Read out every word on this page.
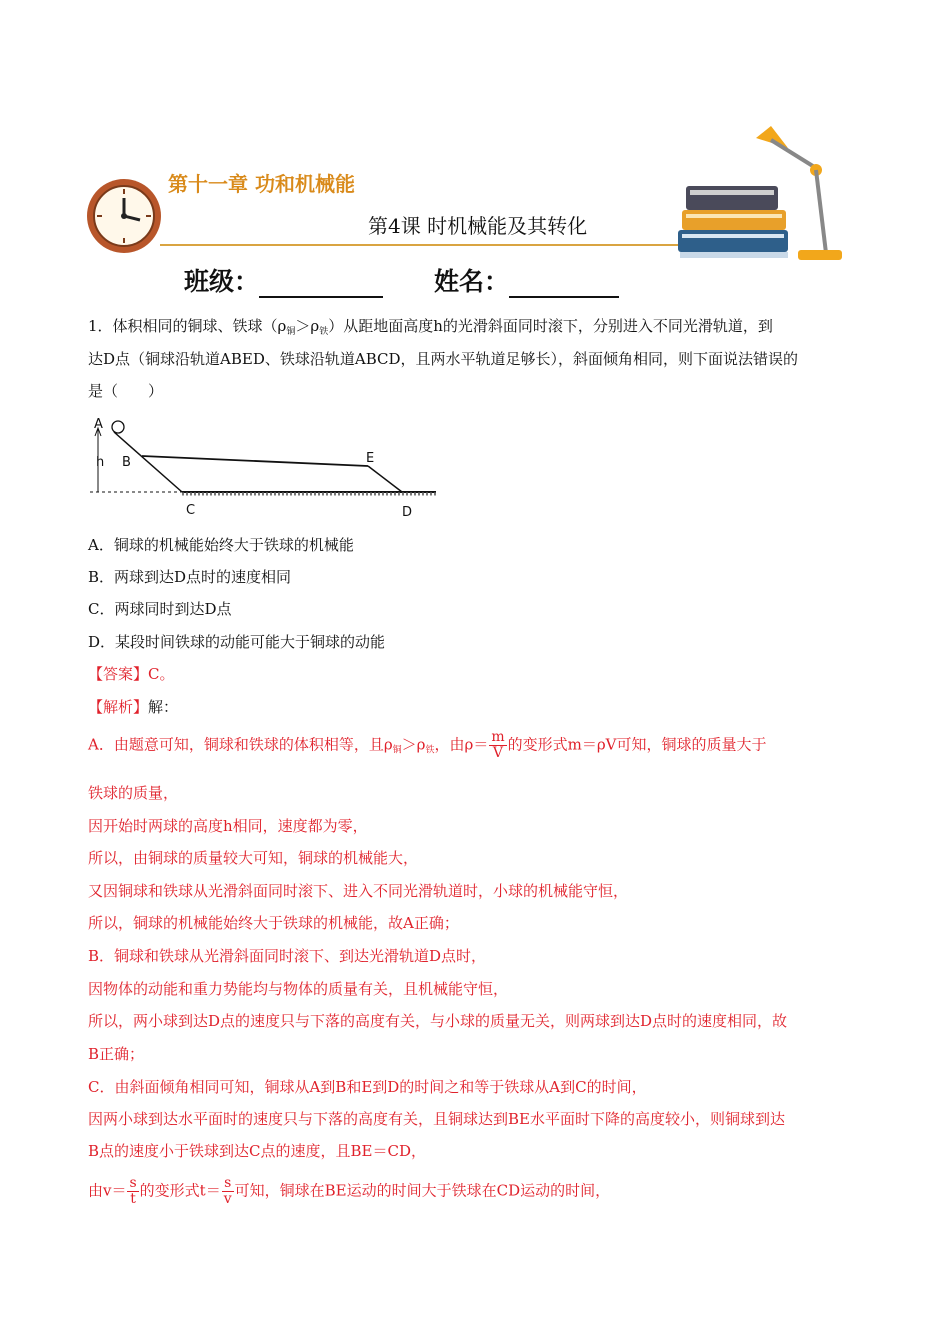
第十一章 功和机械能
第4课 时机械能及其转化
班级：	姓名：
1．体积相同的铜球、铁球$(\rho_铜>\rho_铁)$从距地面高度h的光滑斜面同时滚下，分别进入不同光滑轨道，到
达D点（铜球沿轨道ABED、铁球沿轨道ABCD，且两水平轨道足够长），斜面倾角相同，则下面说法错误的
是（　　）
A
B
C
E
D
h
A．铜球的机械能始终大于铁球的机械能
B．两球到达D点时的速度相同
C．两球同时到达D点
D．某段时间铁球的动能可能大于铜球的动能
【答案】C。
【解析】解：
A．由题意可知，铜球和铁球的体积相等，且$\rho_铜>\rho_铁$，由$\rho= \frac{m}{V}$ 的变形式m＝ρV可知，铜球的质量大于
铁球的质量，
因开始时两球的高度h相同，速度都为零，
所以，由铜球的质量较大可知，铜球的机械能大，
又因铜球和铁球从光滑斜面同时滚下、进入不同光滑轨道时，小球的机械能守恒，
所以，铜球的机械能始终大于铁球的机械能，故A正确；
B．铜球和铁球从光滑斜面同时滚下、到达光滑轨道D点时，
因物体的动能和重力势能均与物体的质量有关，且机械能守恒，
所以，两小球到达D点的速度只与下落的高度有关，与小球的质量无关，则两球到达D点时的速度相同，故
B正确；
C．由斜面倾角相同可知，铜球从A到B和E到D的时间之和等于铁球从A到C的时间，
因两小球到达水平面时的速度只与下落的高度有关，且铜球达到BE水平面时下降的高度较小，则铜球到达
B点的速度小于铁球到达C点的速度，且BE＝CD，
由$v= \frac{s}{t}$ 的变形式$t= \frac{s}{v}$ 可知，铜球在BE运动的时间大于铁球在CD运动的时间，
